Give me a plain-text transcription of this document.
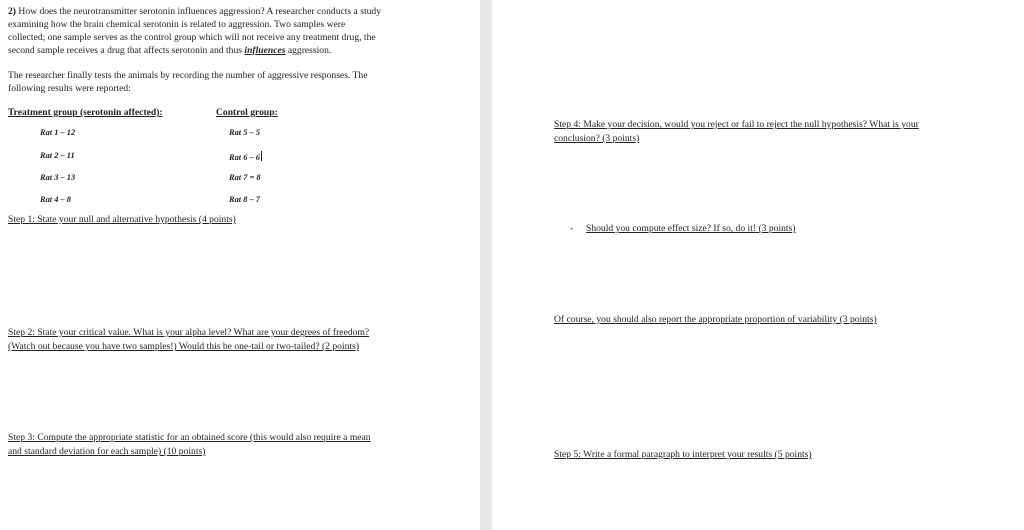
2) How does the neurotransmitter serotonin influences aggression? A researcher conducts a study
examining how the brain chemical serotonin is related to aggression. Two samples were
collected; one sample serves as the control group which will not receive any treatment drug, the
second sample receives a drug that affects serotonin and thus influences aggression.
The researcher finally tests the animals by recording the number of aggressive responses. The
following results were reported:
Treatment group (serotonin affected):	Control group:
Rat 1 – 12
Rat 2 – 11
Rat 3 – 13
Rat 4 – 8
Rat 5 – 5
Rat 6 – 6
Rat 7 = 8
Rat 8 – 7
Step 1: State your null and alternative hypothesis (4 points)
Step 2: State your critical value. What is your alpha level? What are your degrees of freedom?
(Watch out because you have two samples!) Would this be one-tail or two-tailed? (2 points)
Step 3: Compute the appropriate statistic for an obtained score (this would also require a mean
and standard deviation for each sample) (10 points)
Step 4: Make your decision, would you reject or fail to reject the null hypothesis? What is your
conclusion? (3 points)
- Should you compute effect size? If so, do it! (3 points)
Of course, you should also report the appropriate proportion of variability (3 points)
Step 5: Write a formal paragraph to interpret your results (5 points)
